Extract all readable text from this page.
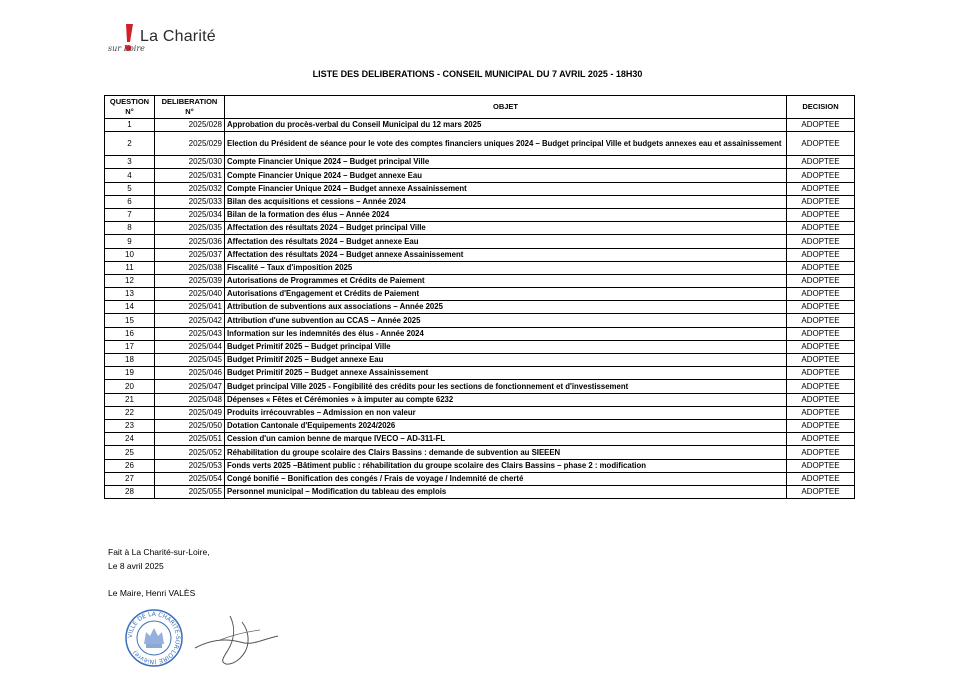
La Charité
sur Loire
LISTE DES DELIBERATIONS - CONSEIL MUNICIPAL DU 7 AVRIL 2025 - 18H30
QUESTION N°	DELIBERATION N°	OBJET	DECISION
1	2025/028	Approbation du procès-verbal du Conseil Municipal du 12 mars 2025	ADOPTEE
2	2025/029	Election du Président de séance pour le vote des comptes financiers uniques 2024 – Budget principal Ville et budgets annexes eau et assainissement	ADOPTEE
3	2025/030	Compte Financier Unique 2024 – Budget principal Ville	ADOPTEE
4	2025/031	Compte Financier Unique 2024 – Budget annexe Eau	ADOPTEE
5	2025/032	Compte Financier Unique 2024 – Budget annexe Assainissement	ADOPTEE
6	2025/033	Bilan des acquisitions et cessions – Année 2024	ADOPTEE
7	2025/034	Bilan de la formation des élus – Année 2024	ADOPTEE
8	2025/035	Affectation des résultats 2024 – Budget principal Ville	ADOPTEE
9	2025/036	Affectation des résultats 2024 – Budget annexe Eau	ADOPTEE
10	2025/037	Affectation des résultats 2024 – Budget annexe Assainissement	ADOPTEE
11	2025/038	Fiscalité – Taux d'imposition 2025	ADOPTEE
12	2025/039	Autorisations de Programmes et Crédits de Paiement	ADOPTEE
13	2025/040	Autorisations d'Engagement et Crédits de Paiement	ADOPTEE
14	2025/041	Attribution de subventions aux associations – Année 2025	ADOPTEE
15	2025/042	Attribution d'une subvention au CCAS – Année 2025	ADOPTEE
16	2025/043	Information sur les indemnités des élus - Année 2024	ADOPTEE
17	2025/044	Budget Primitif 2025 – Budget principal Ville	ADOPTEE
18	2025/045	Budget Primitif 2025 – Budget annexe Eau	ADOPTEE
19	2025/046	Budget Primitif 2025 – Budget annexe Assainissement	ADOPTEE
20	2025/047	Budget principal Ville 2025 - Fongibilité des crédits pour les sections de fonctionnement et d'investissement	ADOPTEE
21	2025/048	Dépenses « Fêtes et Cérémonies » à imputer au compte 6232	ADOPTEE
22	2025/049	Produits irrécouvrables – Admission en non valeur	ADOPTEE
23	2025/050	Dotation Cantonale d'Equipements 2024/2026	ADOPTEE
24	2025/051	Cession d'un camion benne de marque IVECO – AD-311-FL	ADOPTEE
25	2025/052	Réhabilitation du groupe scolaire des Clairs Bassins : demande de subvention au SIEEEN	ADOPTEE
26	2025/053	Fonds verts 2025 –Bâtiment public : réhabilitation du groupe scolaire des Clairs Bassins – phase 2 : modification	ADOPTEE
27	2025/054	Congé bonifié – Bonification des congés / Frais de voyage / Indemnité de cherté	ADOPTEE
28	2025/055	Personnel municipal – Modification du tableau des emplois	ADOPTEE
Fait à La Charité-sur-Loire,
Le 8 avril 2025
Le Maire, Henri VALÈS
VILLE DE LA CHARITE-SUR-LOIRE (Nièvre)
